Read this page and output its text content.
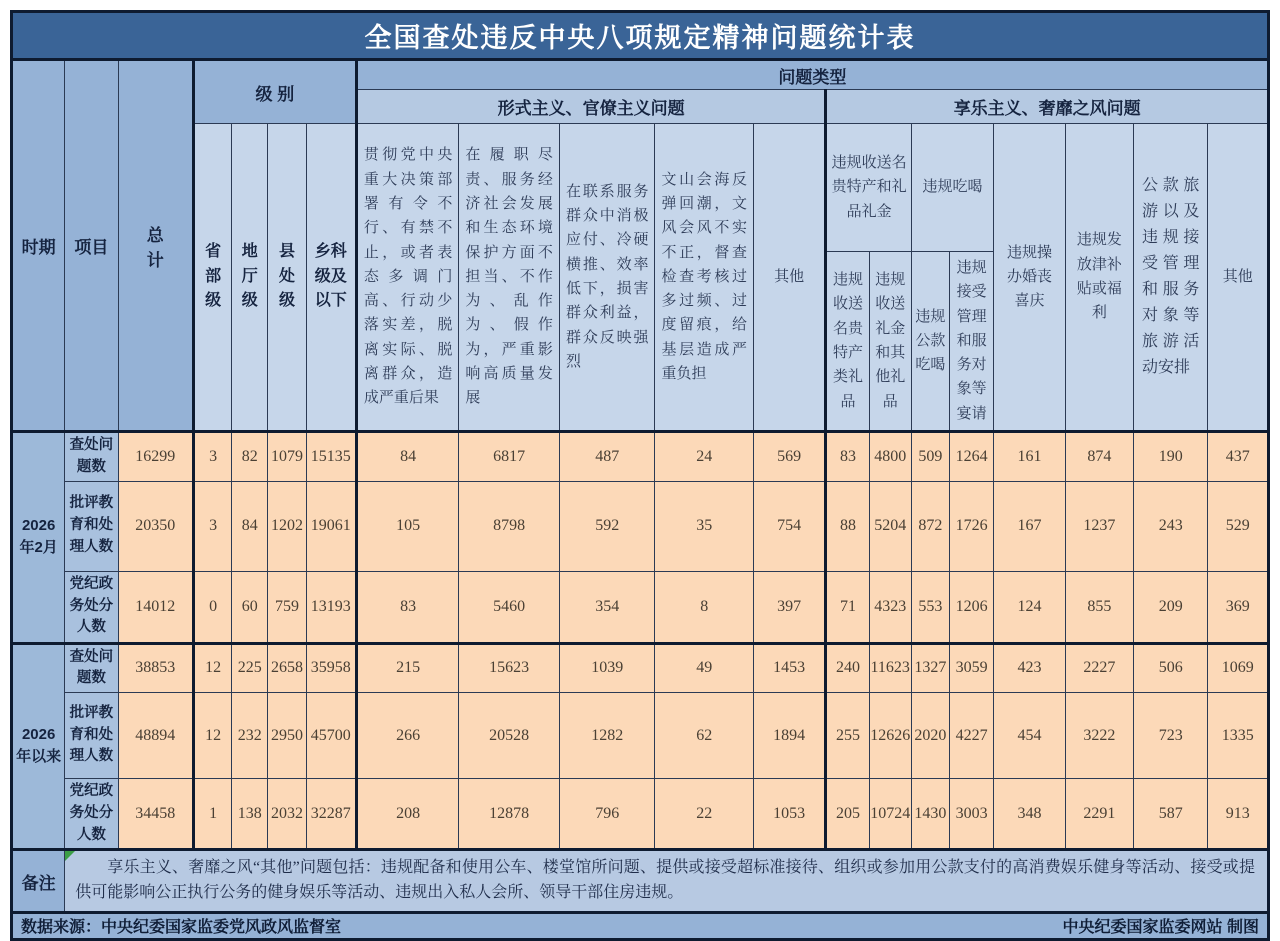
全国查处违反中央八项规定精神问题统计表																			
时期	项目	总计	级 别				问题类型												
							形式主义、官僚主义问题					享乐主义、奢靡之风问题							
			省部级	地厅级	县处级	乡科级及以下	贯彻党中央重大决策部署有令不行、有禁不止，或者表态多调门高、行动少落实差，脱离实际、脱离群众，造成严重后果	在履职尽责、服务经济社会发展和生态环境保护方面不担当、不作为、乱作为、假作为，严重影响高质量发展	在联系服务群众中消极应付、冷硬横推、效率低下，损害群众利益，群众反映强烈	文山会海反弹回潮，文风会风不实不正，督查检查考核过多过频、过度留痕，给基层造成严重负担	其他	违规收送名贵特产和礼品礼金		违规吃喝		违规操办婚丧喜庆	违规发放津补贴或福利	公款旅游以及违规接受管理和服务对象等旅游活动安排	其他
												违规收送名贵特产类礼品	违规收送礼金和其他礼品	违规公款吃喝	违规接受管理和服务对象等宴请				
2026年2月	查处问题数	16299	3	82	1079	15135	84	6817	487	24	569	83	4800	509	1264	161	874	190	437
	批评教育和处理人数	20350	3	84	1202	19061	105	8798	592	35	754	88	5204	872	1726	167	1237	243	529
	党纪政务处分人数	14012	0	60	759	13193	83	5460	354	8	397	71	4323	553	1206	124	855	209	369
2026年以来	查处问题数	38853	12	225	2658	35958	215	15623	1039	49	1453	240	11623	1327	3059	423	2227	506	1069
	批评教育和处理人数	48894	12	232	2950	45700	266	20528	1282	62	1894	255	12626	2020	4227	454	3222	723	1335
	党纪政务处分人数	34458	1	138	2032	32287	208	12878	796	22	1053	205	10724	1430	3003	348	2291	587	913
备注	享乐主义、奢靡之风“其他”问题包括：违规配备和使用公车、楼堂馆所问题、提供或接受超标准接待、组织或参加用公款支付的高消费娱乐健身等活动、接受或提供可能影响公正执行公务的健身娱乐等活动、违规出入私人会所、领导干部住房违规。																		

数据来源：中央纪委国家监委党风政风监督室 中央纪委国家监委网站 制图																			
